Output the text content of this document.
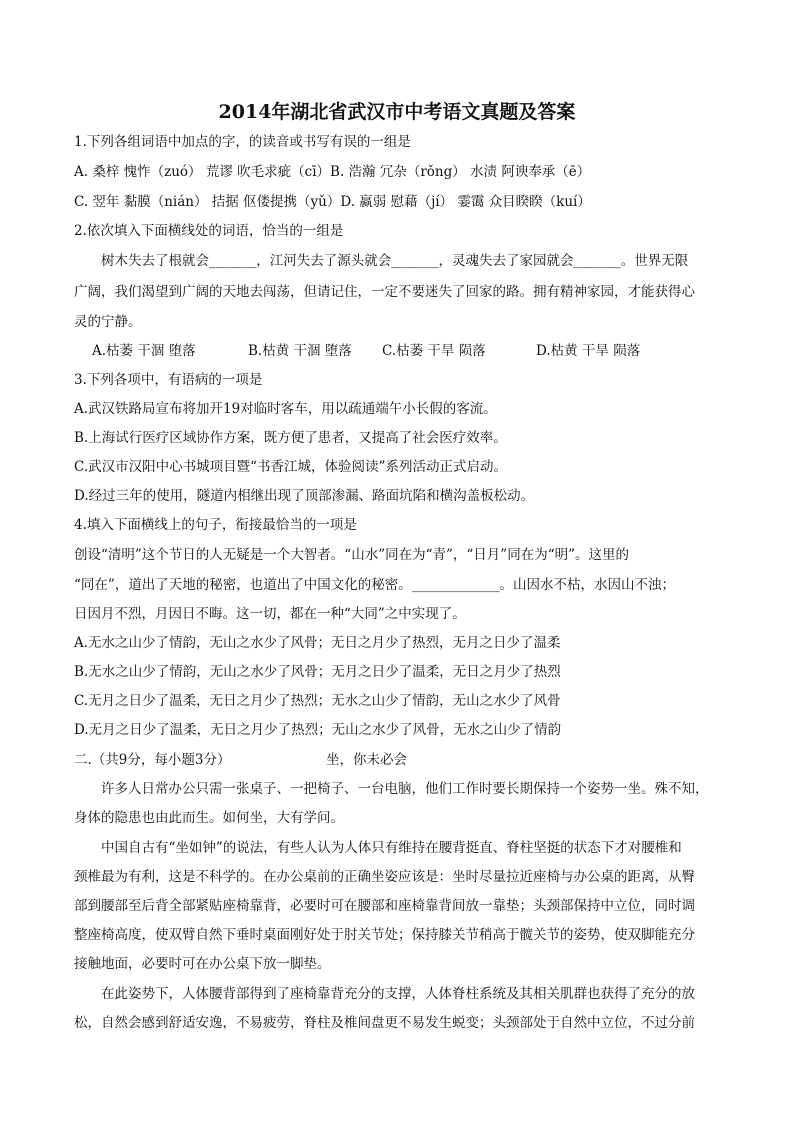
2014年湖北省武汉市中考语文真题及答案
1.下列各组词语中加点的字，的读音或书写有误的一组是
A. 桑梓 愧怍（zuó） 荒谬 吹毛求疵（cī）B. 浩瀚 冗杂（rǒng） 水渍 阿谀奉承（ē）
C. 翌年 黏膜（nián） 拮据 伛偻提携（yǔ）D. 赢弱 慰藉（jí） 霎霭 众目睽睽（kuí）
2.依次填入下面横线处的词语，恰当的一组是
树木失去了根就会_______，江河失去了源头就会_______，灵魂失去了家园就会_______。世界无限
广阔，我们渴望到广阔的天地去闯荡，但请记住，一定不要迷失了回家的路。拥有精神家园，才能获得心
灵的宁静。
A.枯萎 干涸 堕落	B.枯黄 干涸 堕落 C.枯萎 干旱 陨落	D.枯黄 干旱 陨落
3.下列各项中，有语病的一项是
A.武汉铁路局宣布将加开19对临时客车，用以疏通端午小长假的客流。
B.上海试行医疗区域协作方案，既方便了患者，又提高了社会医疗效率。
C.武汉市汉阳中心书城项目暨“书香江城，体验阅读”系列活动正式启动。
D.经过三年的使用，隧道内相继出现了顶部渗漏、路面坑陷和横沟盖板松动。
4.填入下面横线上的句子，衔接最恰当的一项是
创设“清明”这个节日的人无疑是一个大智者。“山水”同在为“青”，“日月”同在为“明”。这里的
“同在”，道出了天地的秘密，也道出了中国文化的秘密。_____________。山因水不枯，水因山不浊；
日因月不烈，月因日不晦。这一切，都在一种“大同”之中实现了。
A.无水之山少了情韵，无山之水少了风骨；无日之月少了热烈，无月之日少了温柔
B.无水之山少了情韵，无山之水少了风骨；无月之日少了温柔，无日之月少了热烈
C.无月之日少了温柔，无日之月少了热烈；无水之山少了情韵，无山之水少了风骨
D.无月之日少了温柔，无日之月少了热烈；无山之水少了风骨，无水之山少了情韵
二.（共9分，每小题3分）	坐，你未必会
许多人日常办公只需一张桌子、一把椅子、一台电脑，他们工作时要长期保持一个姿势一坐。殊不知，
身体的隐患也由此而生。如何坐，大有学问。
中国自古有“坐如钟”的说法，有些人认为人体只有维持在腰背挺直、脊柱坚挺的状态下才对腰椎和
颈椎最为有利，这是不科学的。在办公桌前的正确坐姿应该是：坐时尽量拉近座椅与办公桌的距离，从臀
部到腰部至后背全部紧贴座椅靠背，必要时可在腰部和座椅靠背间放一靠垫；头颈部保持中立位，同时调
整座椅高度，使双臂自然下垂时桌面刚好处于肘关节处；保持膝关节稍高于髋关节的姿势，使双脚能充分
接触地面，必要时可在办公桌下放一脚垫。
在此姿势下，人体腰背部得到了座椅靠背充分的支撑，人体脊柱系统及其相关肌群也获得了充分的放
松，自然会感到舒适安逸，不易疲劳，脊柱及椎间盘更不易发生蜕变；头颈部处于自然中立位，不过分前
